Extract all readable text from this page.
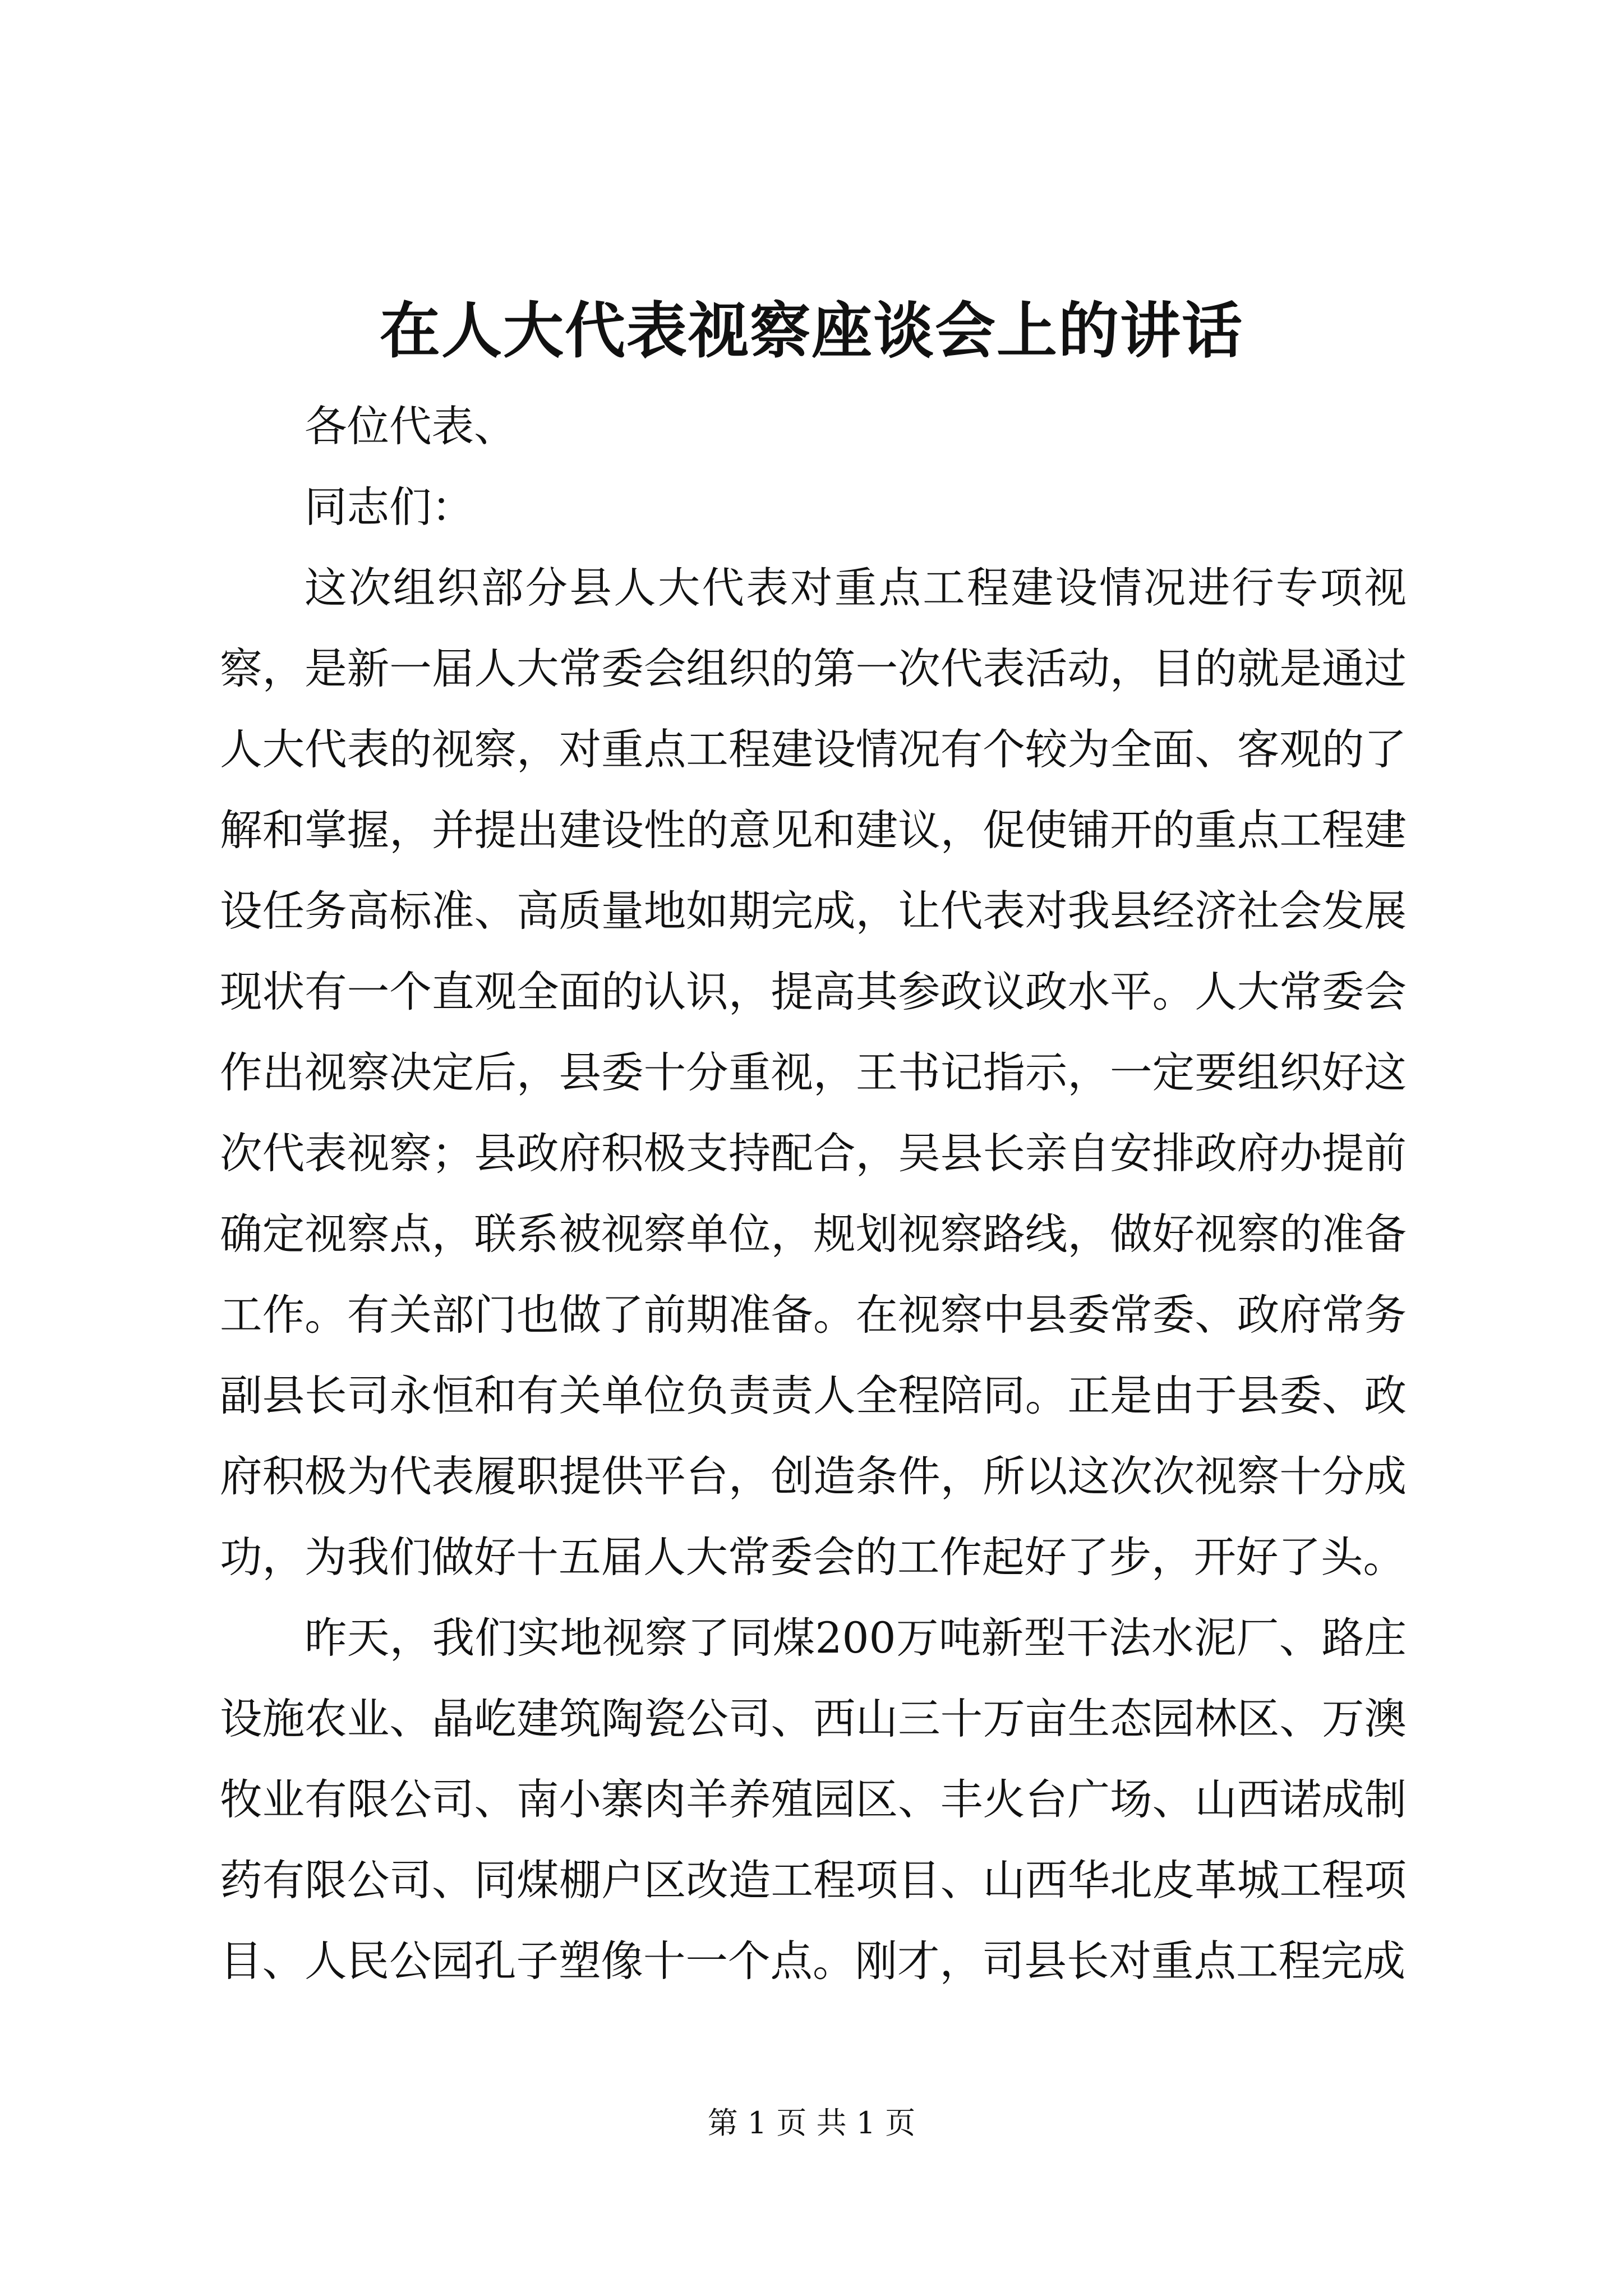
在人大代表视察座谈会上的讲话

各位代表、

同志们：

这次组织部分县人大代表对重点工程建设情况进行专项视察，是新一届人大常委会组织的第一次代表活动，目的就是通过人大代表的视察，对重点工程建设情况有个较为全面、客观的了解和掌握，并提出建设性的意见和建议，促使铺开的重点工程建设任务高标准、高质量地如期完成，让代表对我县经济社会发展现状有一个直观全面的认识，提高其参政议政水平。人大常委会作出视察决定后，县委十分重视，王书记指示，一定要组织好这次代表视察；县政府积极支持配合，吴县长亲自安排政府办提前确定视察点，联系被视察单位，规划视察路线，做好视察的准备工作。有关部门也做了前期准备。在视察中县委常委、政府常务副县长司永恒和有关单位负责责人全程陪同。正是由于县委、政府积极为代表履职提供平台，创造条件，所以这次次视察十分成功，为我们做好十五届人大常委会的工作起好了步，开好了头。

昨天，我们实地视察了同煤200万吨新型干法水泥厂、路庄设施农业、晶屹建筑陶瓷公司、西山三十万亩生态园林区、万澳牧业有限公司、南小寨肉羊养殖园区、丰火台广场、山西诺成制药有限公司、同煤棚户区改造工程项目、山西华北皮革城工程项目、人民公园孔子塑像十一个点。刚才，司县长对重点工程完成

第 1 页 共 1 页
